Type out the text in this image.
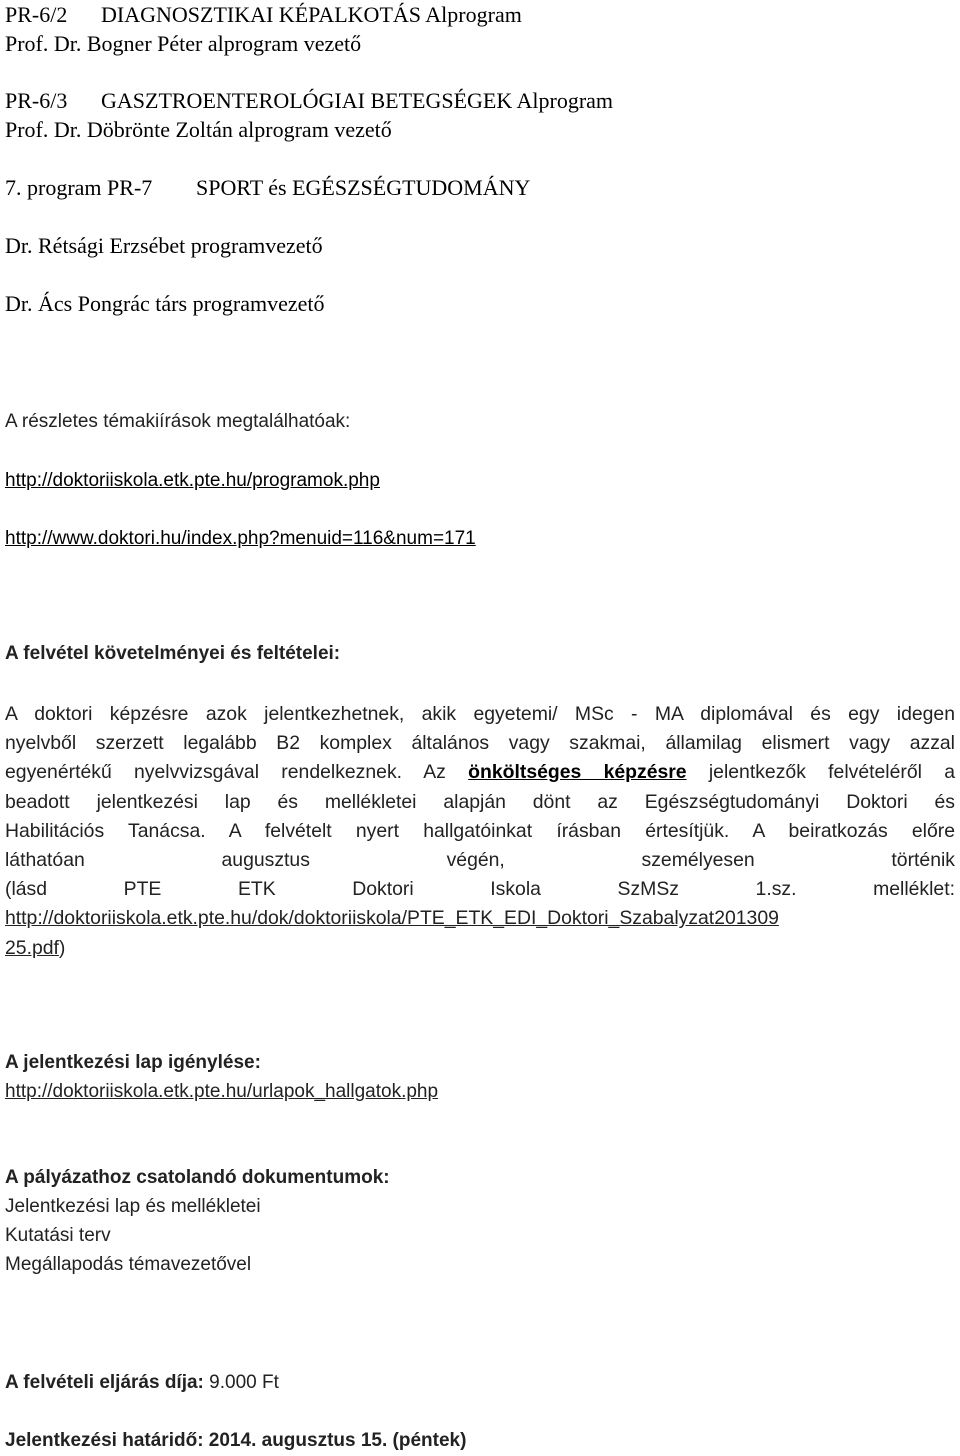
PR-6/2 DIAGNOSZTIKAI KÉPALKOTÁS Alprogram
Prof. Dr. Bogner Péter alprogram vezető
PR-6/3 GASZTROENTEROLÓGIAI BETEGSÉGEK Alprogram
Prof. Dr. Döbrönte Zoltán alprogram vezető
7. program PR-7 SPORT és EGÉSZSÉGTUDOMÁNY
Dr. Rétsági Erzsébet programvezető
Dr. Ács Pongrác társ programvezető
A részletes témakiírások megtalálhatóak:
http://doktoriiskola.etk.pte.hu/programok.php
http://www.doktori.hu/index.php?menuid=116&num=171
A felvétel követelményei és feltételei:
A doktori képzésre azok jelentkezhetnek, akik egyetemi/ MSc - MA diplomával és egy idegen
nyelvből szerzett legalább B2 komplex általános vagy szakmai, államilag elismert vagy azzal
egyenértékű nyelvvizsgával rendelkeznek. Az önköltséges képzésre jelentkezők felvételéről a
beadott jelentkezési lap és mellékletei alapján dönt az Egészségtudományi Doktori és
Habilitációs Tanácsa. A felvételt nyert hallgatóinkat írásban értesítjük. A beiratkozás előre
láthatóan augusztus végén, személyesen történik
(lásd PTE ETK Doktori Iskola SzMSz 1.sz. melléklet:
http://doktoriiskola.etk.pte.hu/dok/doktoriiskola/PTE_ETK_EDI_Doktori_Szabalyzat201309
25.pdf)
A jelentkezési lap igénylése:
http://doktoriiskola.etk.pte.hu/urlapok_hallgatok.php
A pályázathoz csatolandó dokumentumok:
Jelentkezési lap és mellékletei
Kutatási terv
Megállapodás témavezetővel
A felvételi eljárás díja: 9.000 Ft
Jelentkezési határidő: 2014. augusztus 15. (péntek)
